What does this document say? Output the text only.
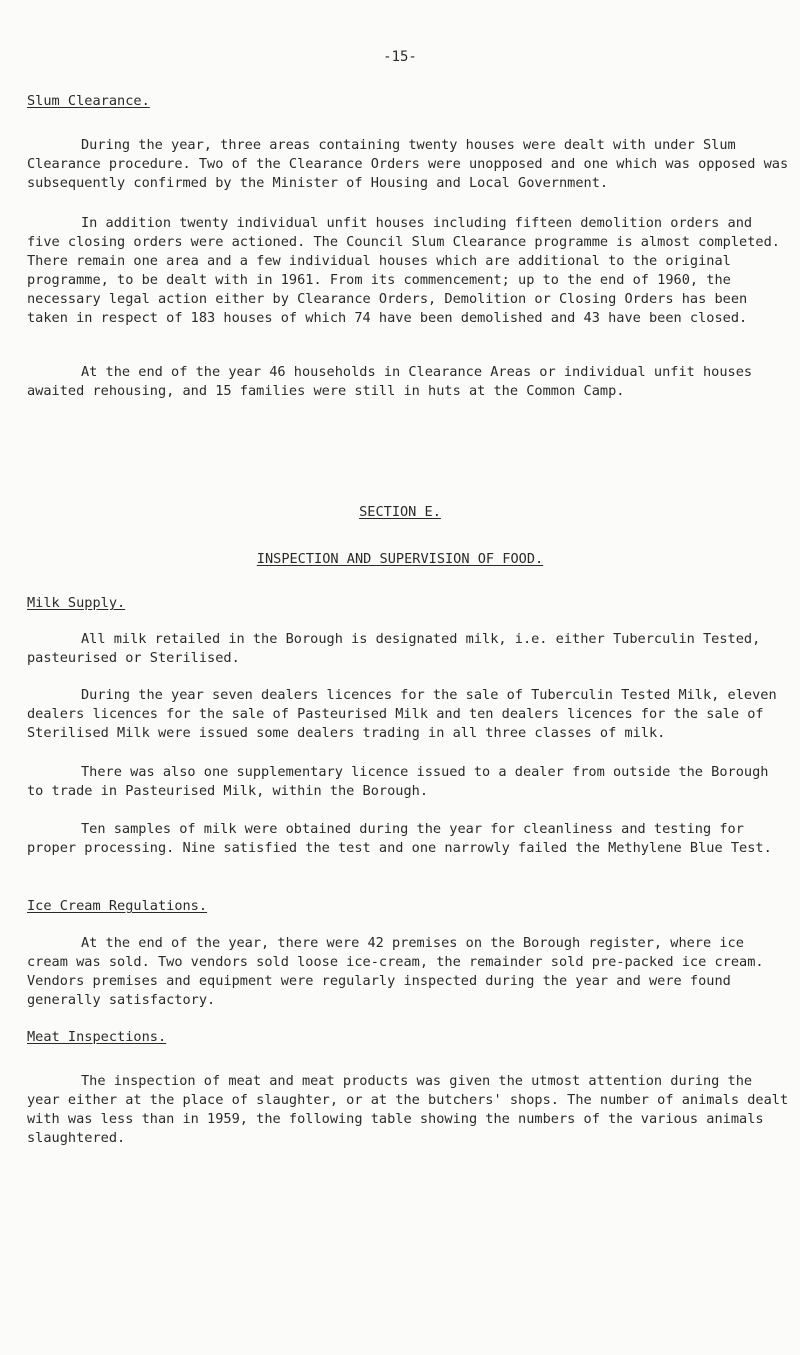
-15-
Slum Clearance.

During the year, three areas containing twenty houses were dealt with under Slum Clearance procedure. Two of the Clearance Orders were unopposed and one which was opposed was subsequently confirmed by the Minister of Housing and Local Government.

In addition twenty individual unfit houses including fifteen demolition orders and five closing orders were actioned. The Council Slum Clearance programme is almost completed. There remain one area and a few individual houses which are additional to the original programme, to be dealt with in 1961. From its commencement; up to the end of 1960, the necessary legal action either by Clearance Orders, Demolition or Closing Orders has been taken in respect of 183 houses of which 74 have been demolished and 43 have been closed.

At the end of the year 46 households in Clearance Areas or individual unfit houses awaited rehousing, and 15 families were still in huts at the Common Camp.

SECTION E.
INSPECTION AND SUPERVISION OF FOOD.
Milk Supply.

All milk retailed in the Borough is designated milk, i.e. either Tuberculin Tested, pasteurised or Sterilised.

During the year seven dealers licences for the sale of Tuberculin Tested Milk, eleven dealers licences for the sale of Pasteurised Milk and ten dealers licences for the sale of Sterilised Milk were issued some dealers trading in all three classes of milk.

There was also one supplementary licence issued to a dealer from outside the Borough to trade in Pasteurised Milk, within the Borough.

Ten samples of milk were obtained during the year for cleanliness and testing for proper processing. Nine satisfied the test and one narrowly failed the Methylene Blue Test.

Ice Cream Regulations.

At the end of the year, there were 42 premises on the Borough register, where ice cream was sold. Two vendors sold loose ice-cream, the remainder sold pre-packed ice cream. Vendors premises and equipment were regularly inspected during the year and were found generally satisfactory.

Meat Inspections.

The inspection of meat and meat products was given the utmost attention during the year either at the place of slaughter, or at the butchers' shops. The number of animals dealt with was less than in 1959, the following table showing the numbers of the various animals slaughtered.
